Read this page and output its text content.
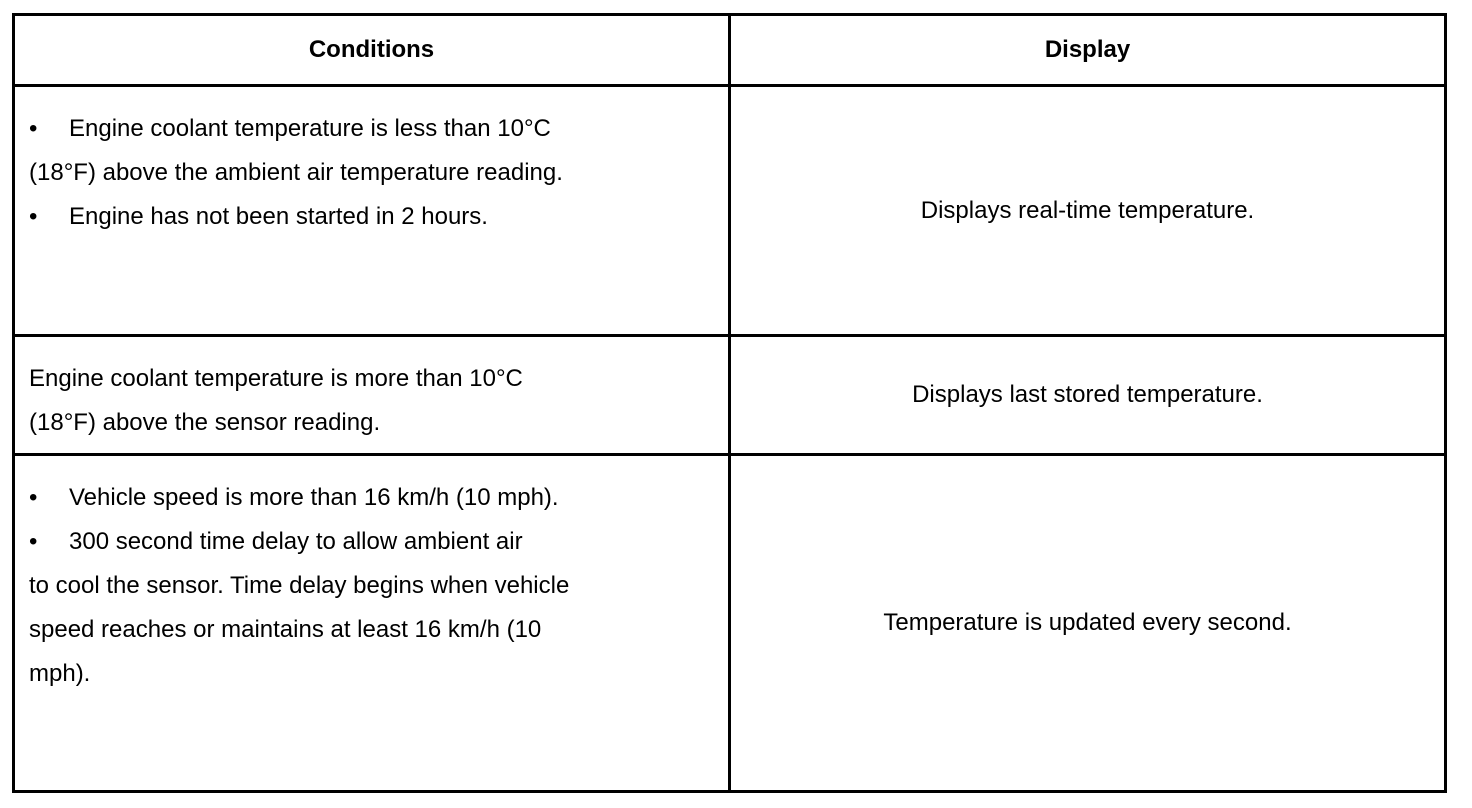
Conditions	Display
• Engine coolant temperature is less than 10°C
(18°F) above the ambient air temperature reading.
• Engine has not been started in 2 hours.	Displays real-time temperature.
Engine coolant temperature is more than 10°C
(18°F) above the sensor reading.
Displays last stored temperature.
• Vehicle speed is more than 16 km/h (10 mph).
• 300 second time delay to allow ambient air
to cool the sensor. Time delay begins when vehicle
speed reaches or maintains at least 16 km/h (10
mph).
Temperature is updated every second.
